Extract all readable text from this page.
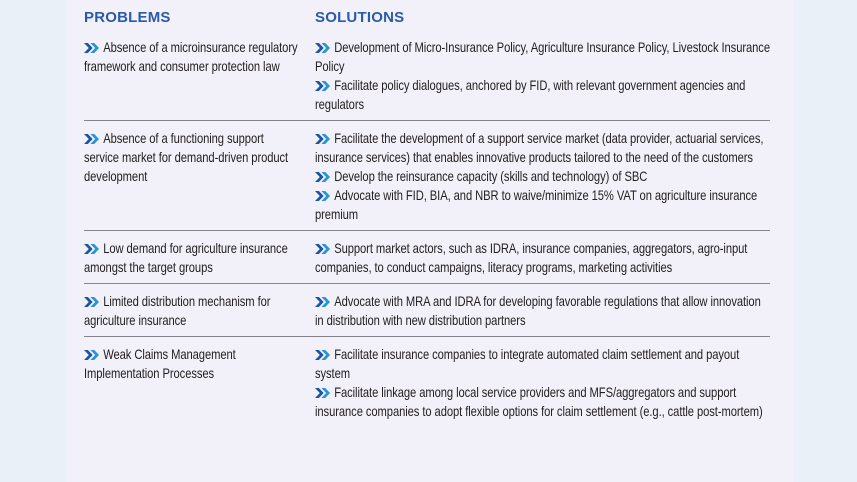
PROBLEMS	SOLUTIONS

Absence of a microinsurance regulatory framework and consumer protection law

Development of Micro-Insurance Policy, Agriculture Insurance Policy, Livestock Insurance Policy

Facilitate policy dialogues, anchored by FID, with relevant government agencies and regulators

Absence of a functioning support service market for demand-driven product development

Facilitate the development of a support service market (data provider, actuarial services, insurance services) that enables innovative products tailored to the need of the customers

Develop the reinsurance capacity (skills and technology) of SBC

Advocate with FID, BIA, and NBR to waive/minimize 15% VAT on agriculture insurance premium

Low demand for agriculture insurance amongst the target groups

Support market actors, such as IDRA, insurance companies, aggregators, agro-input companies, to conduct campaigns, literacy programs, marketing activities

Limited distribution mechanism for agriculture insurance

Advocate with MRA and IDRA for developing favorable regulations that allow innovation in distribution with new distribution partners

Weak Claims Management Implementation Processes

Facilitate insurance companies to integrate automated claim settlement and payout system

Facilitate linkage among local service providers and MFS/aggregators and support insurance companies to adopt flexible options for claim settlement (e.g., cattle post-mortem)
